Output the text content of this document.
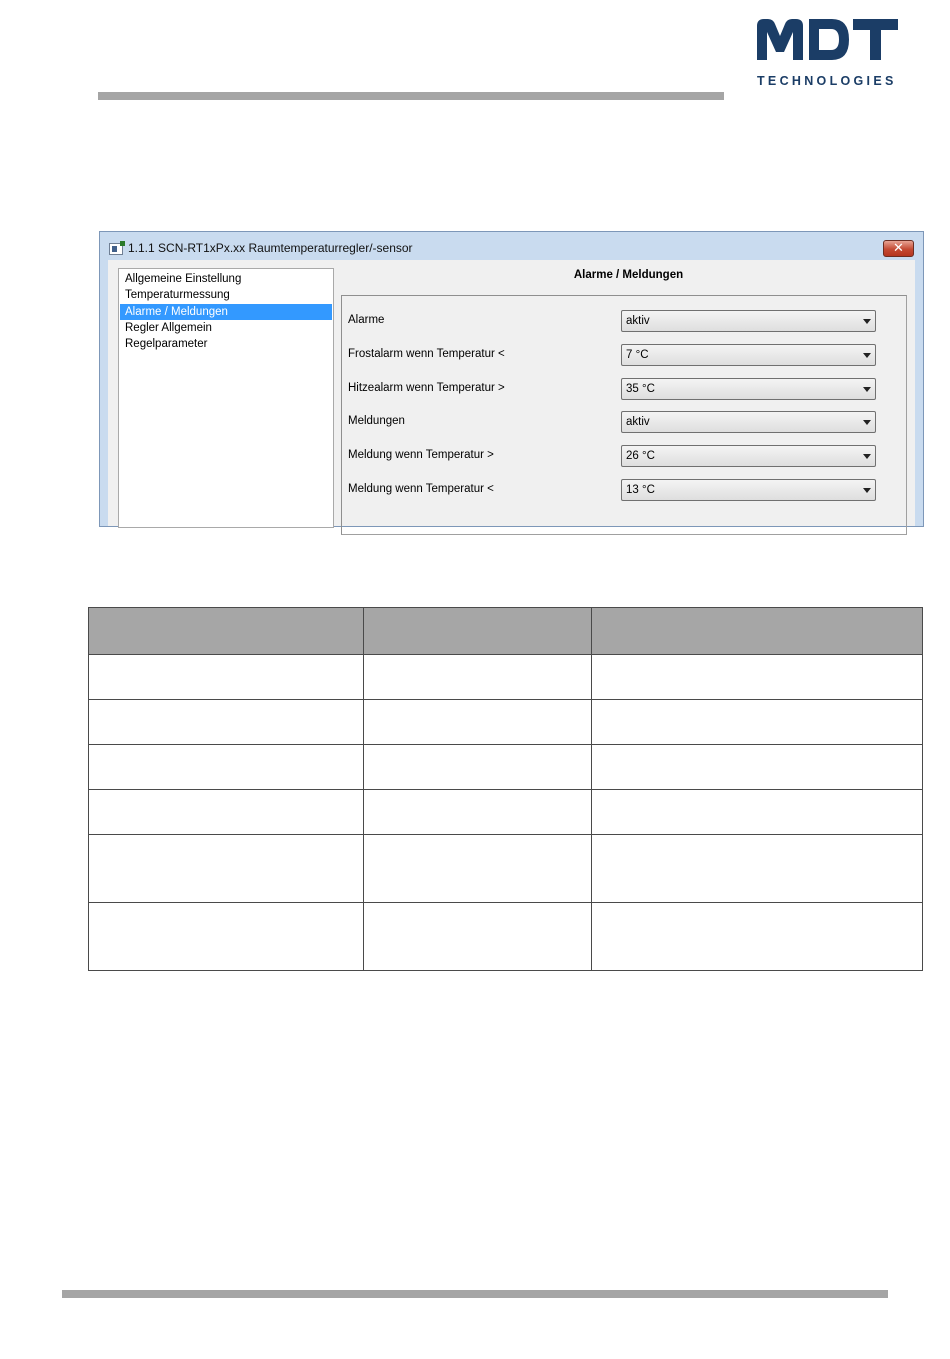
TECHNOLOGIES
1.1.1 SCN-RT1xPx.xx Raumtemperaturregler/-sensor	✕
Allgemeine Einstellung
Temperaturmessung
Alarme / Meldungen
Regler Allgemein
Regelparameter
Alarme / Meldungen
Alarme	aktiv
Frostalarm wenn Temperatur <	7 °C
Hitzealarm wenn Temperatur >	35 °C
Meldungen	aktiv
Meldung wenn Temperatur >	26 °C
Meldung wenn Temperatur <	13 °C
